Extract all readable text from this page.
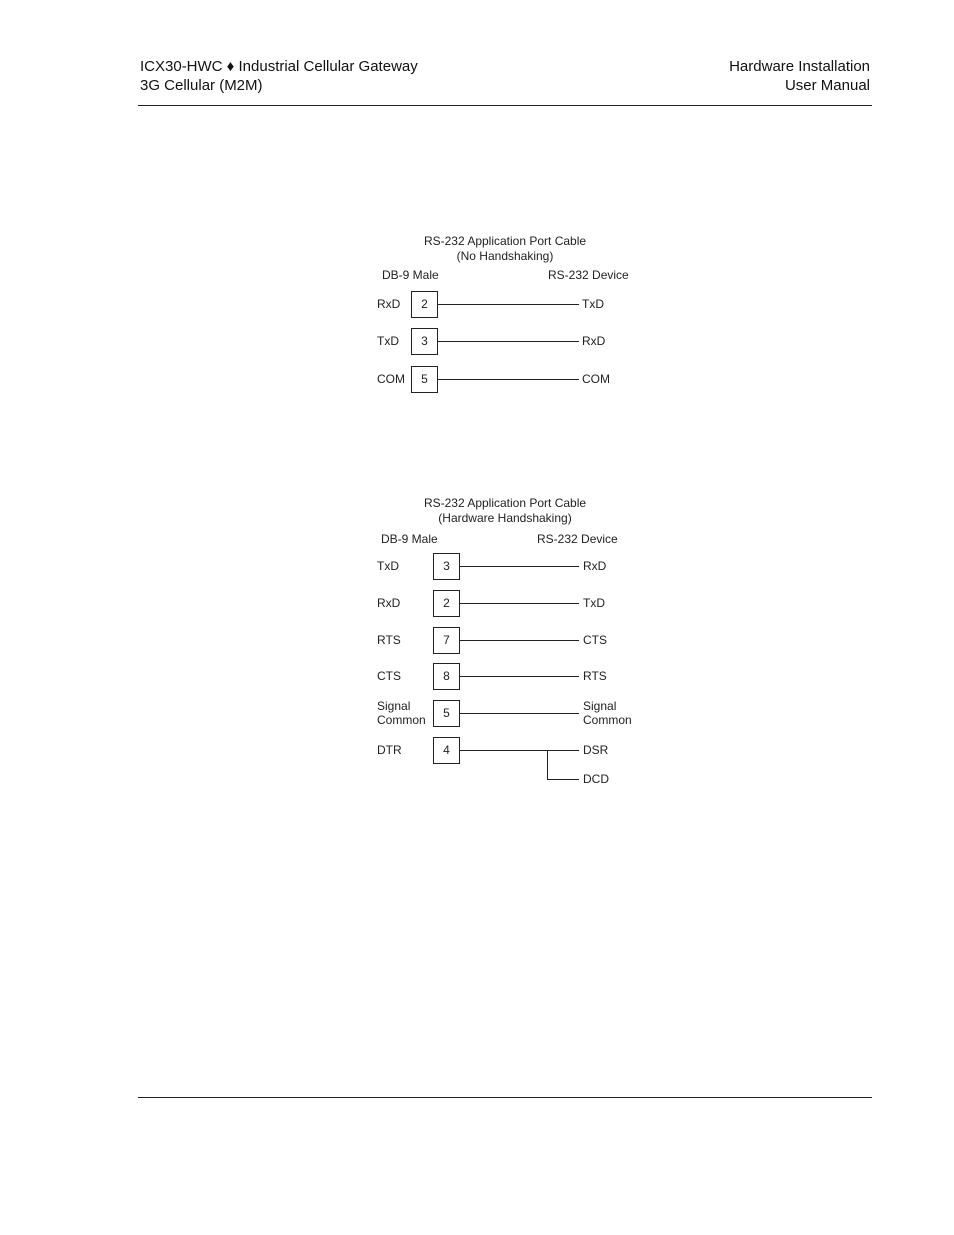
ICX30-HWC ♦ Industrial Cellular Gateway
3G Cellular (M2M)
Hardware Installation
User Manual
RS-232 Application Port Cable
(No Handshaking)
DB-9 Male	RS-232 Device
RxD	2	TxD
TxD	3	RxD
COM	5	COM
RS-232 Application Port Cable
(Hardware Handshaking)
DB-9 Male	RS-232 Device
TxD	3	RxD
RxD	2	TxD
RTS	7	CTS
CTS	8	RTS
Signal
Common	5	Signal
Common
DTR	4	DSR
DCD
